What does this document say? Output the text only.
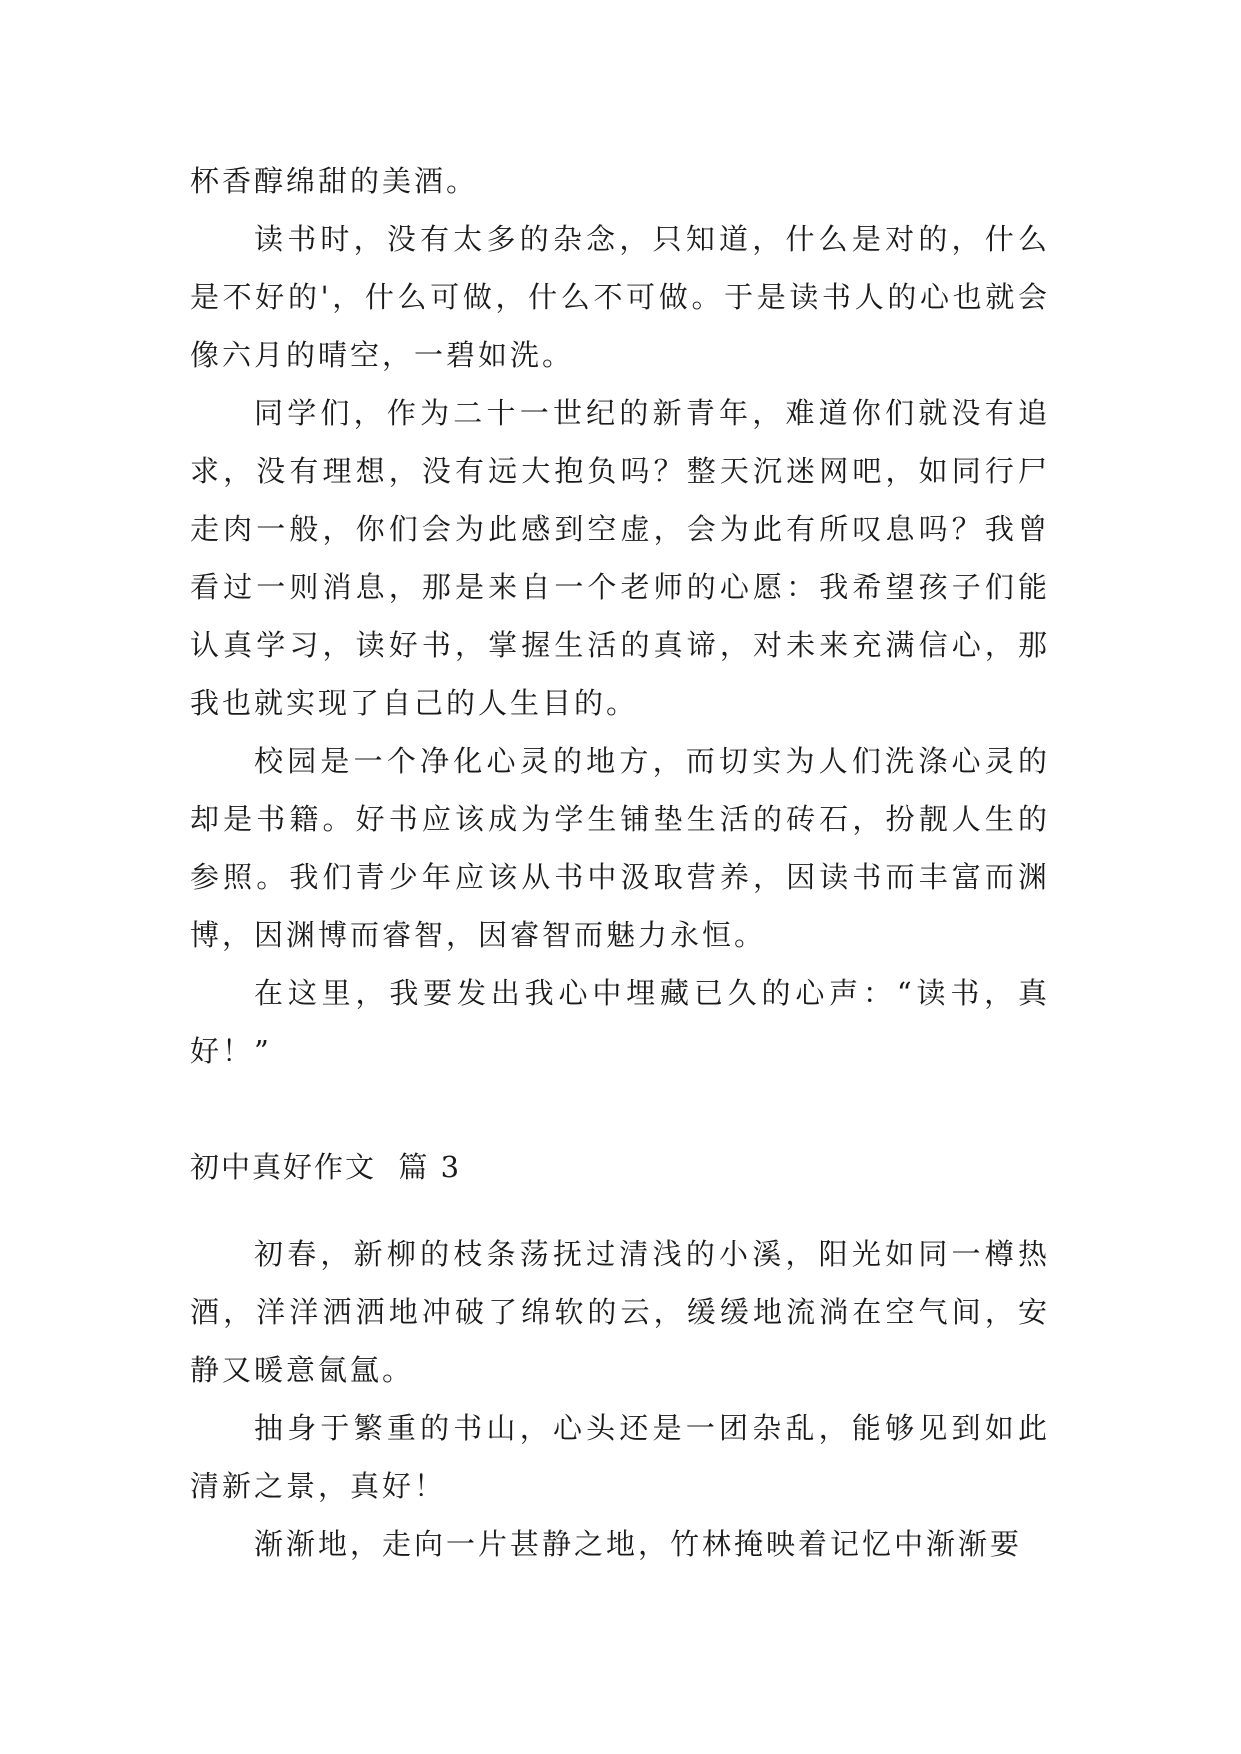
杯香醇绵甜的美酒。

读书时，没有太多的杂念，只知道，什么是对的，什么是不好的'，什么可做，什么不可做。于是读书人的心也就会像六月的晴空，一碧如洗。

同学们，作为二十一世纪的新青年，难道你们就没有追求，没有理想，没有远大抱负吗？整天沉迷网吧，如同行尸走肉一般，你们会为此感到空虚，会为此有所叹息吗？我曾看过一则消息，那是来自一个老师的心愿：我希望孩子们能认真学习，读好书，掌握生活的真谛，对未来充满信心，那我也就实现了自己的人生目的。

校园是一个净化心灵的地方，而切实为人们洗涤心灵的却是书籍。好书应该成为学生铺垫生活的砖石，扮靓人生的参照。我们青少年应该从书中汲取营养，因读书而丰富而渊博，因渊博而睿智，因睿智而魅力永恒。

在这里，我要发出我心中埋藏已久的心声：“读书，真好！”

初中真好作文  篇 3

初春，新柳的枝条荡抚过清浅的小溪，阳光如同一樽热酒，洋洋洒洒地冲破了绵软的云，缓缓地流淌在空气间，安静又暖意氤氲。

抽身于繁重的书山，心头还是一团杂乱，能够见到如此清新之景，真好！

渐渐地，走向一片甚静之地，竹林掩映着记忆中渐渐要
